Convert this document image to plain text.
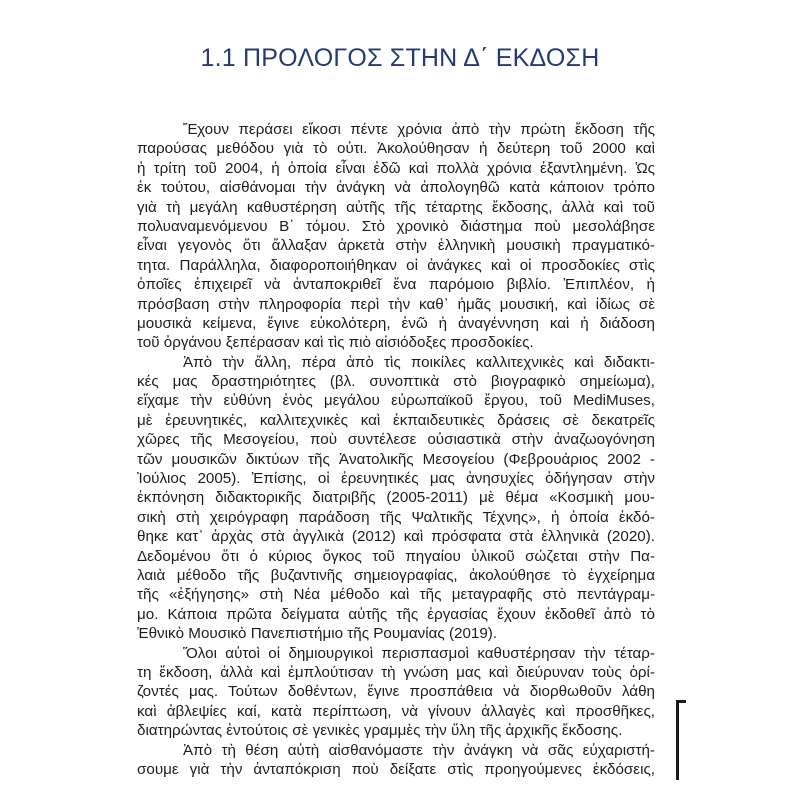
1.1 ΠΡΟΛΟΓΟΣ ΣΤΗΝ Δ΄ ΕΚΔΟΣΗ
Ἔχουν περάσει εἴκοσι πέντε χρόνια ἀπὸ τὴν πρώτη ἔκδοση τῆς
παρούσας μεθόδου γιὰ τὸ οὐτι. Ἀκολούθησαν ἡ δεύτερη τοῦ 2000 καὶ
ἡ τρίτη τοῦ 2004, ἡ ὁποία εἶναι ἐδῶ καὶ πολλὰ χρόνια ἐξαντλημένη. Ὡς
ἐκ τούτου, αἰσθάνομαι τὴν ἀνάγκη νὰ ἀπολογηθῶ κατὰ κάποιον τρόπο
γιὰ τὴ μεγάλη καθυστέρηση αὐτῆς τῆς τέταρτης ἔκδοσης, ἀλλὰ καὶ τοῦ
πολυαναμενόμενου Β΄ τόμου. Στὸ χρονικὸ διάστημα ποὺ μεσολάβησε
εἶναι γεγονὸς ὅτι ἄλλαξαν ἀρκετὰ στὴν ἑλληνικὴ μουσικὴ πραγματικό-
τητα. Παράλληλα, διαφοροποιήθηκαν οἱ ἀνάγκες καὶ οἱ προσδοκίες στὶς
ὁποῖες ἐπιχειρεῖ νὰ ἀνταποκριθεῖ ἕνα παρόμοιο βιβλίο. Ἐπιπλέον, ἡ
πρόσβαση στὴν πληροφορία περὶ τὴν καθ᾽ ἡμᾶς μουσική, καὶ ἰδίως σὲ
μουσικὰ κείμενα, ἔγινε εὐκολότερη, ἐνῶ ἡ ἀναγέννηση καὶ ἡ διάδοση
τοῦ ὀργάνου ξεπέρασαν καὶ τὶς πιὸ αἰσιόδοξες προσδοκίες.
Ἀπὸ τὴν ἄλλη, πέρα ἀπὸ τὶς ποικίλες καλλιτεχνικὲς καὶ διδακτι-
κές μας δραστηριότητες (βλ. συνοπτικὰ στὸ βιογραφικὸ σημείωμα),
εἴχαμε τὴν εὐθύνη ἑνὸς μεγάλου εὐρωπαϊκοῦ ἔργου, τοῦ MediMuses,
μὲ ἐρευνητικές, καλλιτεχνικὲς καὶ ἐκπαιδευτικὲς δράσεις σὲ δεκατρεῖς
χῶρες τῆς Μεσογείου, ποὺ συντέλεσε οὐσιαστικὰ στὴν ἀναζωογόνηση
τῶν μουσικῶν δικτύων τῆς Ἀνατολικῆς Μεσογείου (Φεβρουάριος 2002 -
Ἰούλιος 2005). Ἐπίσης, οἱ ἐρευνητικές μας ἀνησυχίες ὁδήγησαν στὴν
ἐκπόνηση διδακτορικῆς διατριβῆς (2005-2011) μὲ θέμα «Κοσμικὴ μου-
σικὴ στὴ χειρόγραφη παράδοση τῆς Ψαλτικῆς Τέχνης», ἡ ὁποία ἐκδό-
θηκε κατ᾽ ἀρχὰς στὰ ἀγγλικὰ (2012) καὶ πρόσφατα στὰ ἑλληνικὰ (2020).
Δεδομένου ὅτι ὁ κύριος ὄγκος τοῦ πηγαίου ὑλικοῦ σώζεται στὴν Πα-
λαιὰ μέθοδο τῆς βυζαντινῆς σημειογραφίας, ἀκολούθησε τὸ ἐγχείρημα
τῆς «ἐξήγησης» στὴ Νέα μέθοδο καὶ τῆς μεταγραφῆς στὸ πεντάγραμ-
μο. Κάποια πρῶτα δείγματα αὐτῆς τῆς ἐργασίας ἔχουν ἐκδοθεῖ ἀπὸ τὸ
Ἐθνικὸ Μουσικὸ Πανεπιστήμιο τῆς Ρουμανίας (2019).
Ὅλοι αὐτοὶ οἱ δημιουργικοὶ περισπασμοὶ καθυστέρησαν τὴν τέταρ-
τη ἔκδοση, ἀλλὰ καὶ ἐμπλούτισαν τὴ γνώση μας καὶ διεύρυναν τοὺς ὁρί-
ζοντές μας. Τούτων δοθέντων, ἔγινε προσπάθεια νὰ διορθωθοῦν λάθη
καὶ ἀβλεψίες καί, κατὰ περίπτωση, νὰ γίνουν ἀλλαγὲς καὶ προσθῆκες,
διατηρώντας ἐντούτοις σὲ γενικὲς γραμμὲς τὴν ὕλη τῆς ἀρχικῆς ἔκδοσης.
Ἀπὸ τὴ θέση αὐτὴ αἰσθανόμαστε τὴν ἀνάγκη νὰ σᾶς εὐχαριστή-
σουμε γιὰ τὴν ἀνταπόκριση ποὺ δείξατε στὶς προηγούμενες ἐκδόσεις,
